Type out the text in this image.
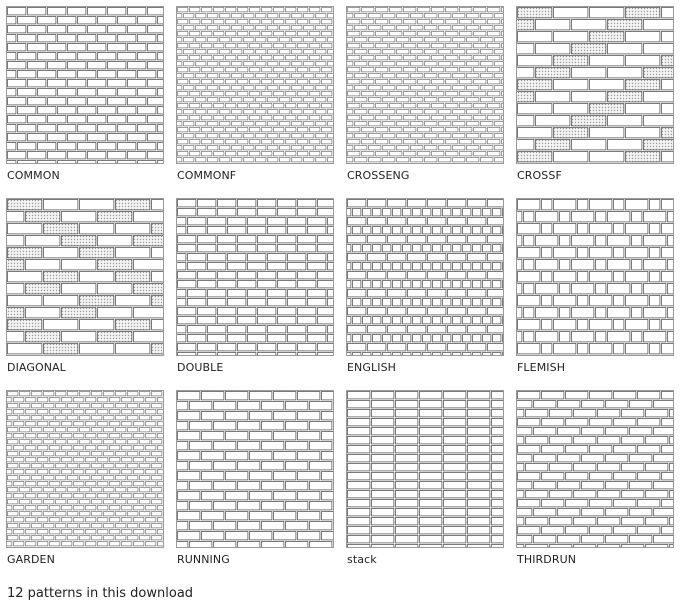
COMMON	COMMONF	CROSSENG	CROSSF
DIAGONAL	DOUBLE	ENGLISH	FLEMISH
GARDEN	RUNNING	stack	THIRDRUN
12 patterns in this download
